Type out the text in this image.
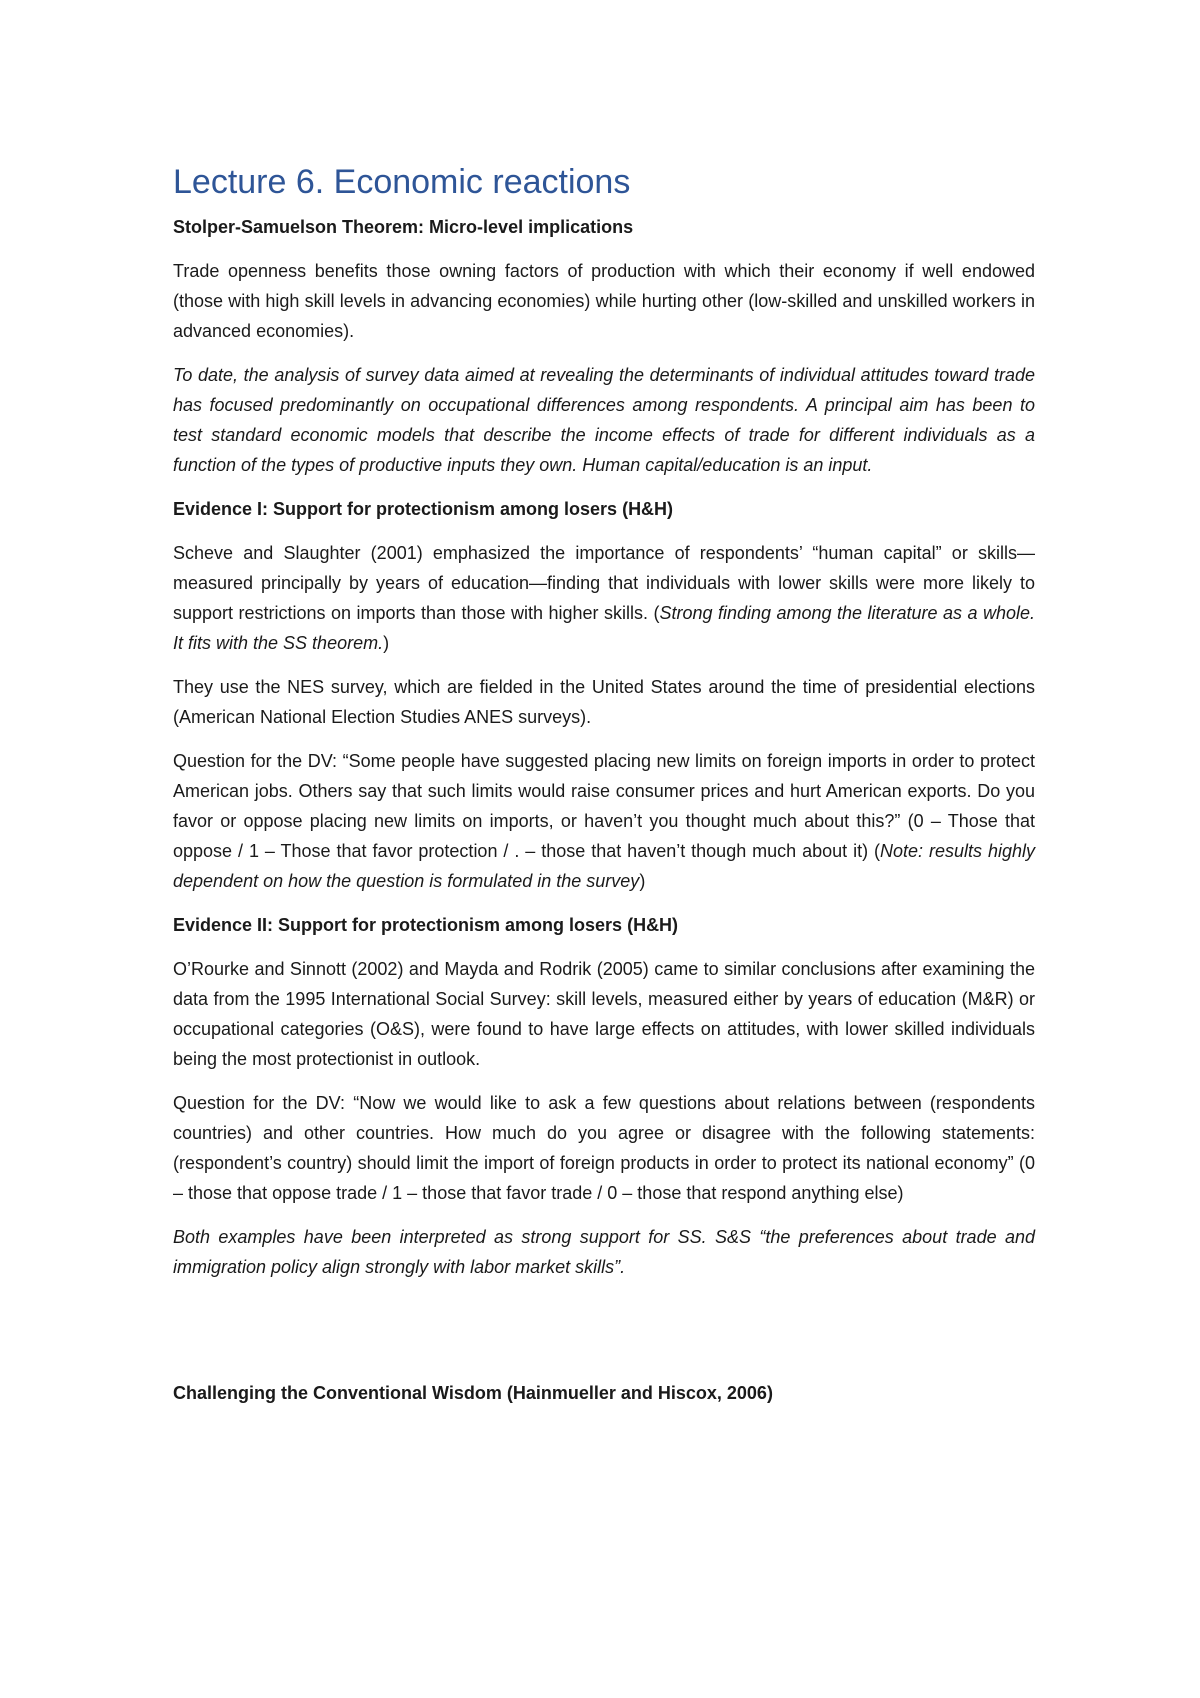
Lecture 6. Economic reactions
Stolper-Samuelson Theorem: Micro-level implications

Trade openness benefits those owning factors of production with which their economy if well endowed (those with high skill levels in advancing economies) while hurting other (low-skilled and unskilled workers in advanced economies).

To date, the analysis of survey data aimed at revealing the determinants of individual attitudes toward trade has focused predominantly on occupational differences among respondents. A principal aim has been to test standard economic models that describe the income effects of trade for different individuals as a function of the types of productive inputs they own. Human capital/education is an input.

Evidence I: Support for protectionism among losers (H&H)

Scheve and Slaughter (2001) emphasized the importance of respondents’ “human capital” or skills—measured principally by years of education—finding that individuals with lower skills were more likely to support restrictions on imports than those with higher skills. (Strong finding among the literature as a whole. It fits with the SS theorem.)

They use the NES survey, which are fielded in the United States around the time of presidential elections (American National Election Studies ANES surveys).

Question for the DV: “Some people have suggested placing new limits on foreign imports in order to protect American jobs. Others say that such limits would raise consumer prices and hurt American exports. Do you favor or oppose placing new limits on imports, or haven’t you thought much about this?” (0 – Those that oppose / 1 – Those that favor protection / . – those that haven’t though much about it) (Note: results highly dependent on how the question is formulated in the survey)

Evidence II: Support for protectionism among losers (H&H)

O’Rourke and Sinnott (2002) and Mayda and Rodrik (2005) came to similar conclusions after examining the data from the 1995 International Social Survey: skill levels, measured either by years of education (M&R) or occupational categories (O&S), were found to have large effects on attitudes, with lower skilled individuals being the most protectionist in outlook.

Question for the DV: “Now we would like to ask a few questions about relations between (respondents countries) and other countries. How much do you agree or disagree with the following statements: (respondent’s country) should limit the import of foreign products in order to protect its national economy” (0 – those that oppose trade / 1 – those that favor trade / 0 – those that respond anything else)

Both examples have been interpreted as strong support for SS. S&S “the preferences about trade and immigration policy align strongly with labor market skills”.

Challenging the Conventional Wisdom (Hainmueller and Hiscox, 2006)
